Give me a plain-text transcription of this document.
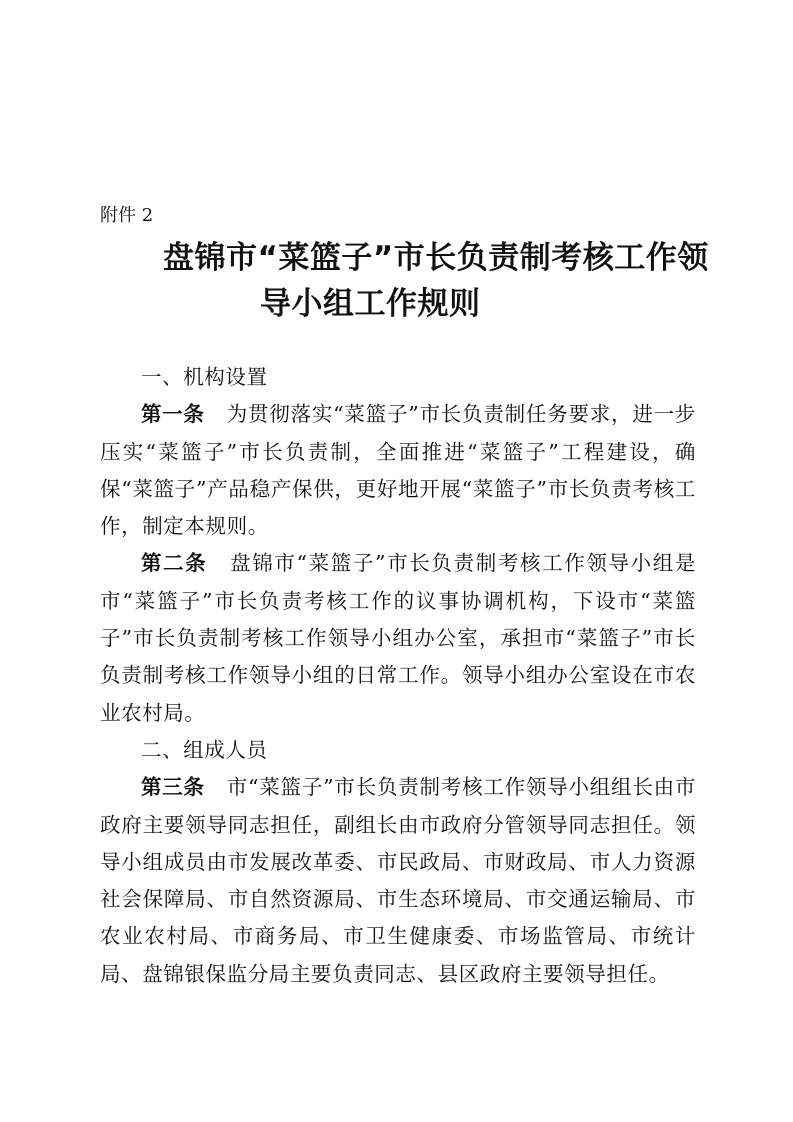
附件 2
盘锦市“菜篮子”市长负责制考核工作领
导小组工作规则

一、机构设置

第一条 为贯彻落实“菜篮子”市长负责制任务要求，进一步压实“菜篮子”市长负责制，全面推进“菜篮子”工程建设，确保“菜篮子”产品稳产保供，更好地开展“菜篮子”市长负责考核工作，制定本规则。

第二条 盘锦市“菜篮子”市长负责制考核工作领导小组是市“菜篮子”市长负责考核工作的议事协调机构，下设市“菜篮子”市长负责制考核工作领导小组办公室，承担市“菜篮子”市长负责制考核工作领导小组的日常工作。领导小组办公室设在市农业农村局。

二、组成人员

第三条 市“菜篮子”市长负责制考核工作领导小组组长由市政府主要领导同志担任，副组长由市政府分管领导同志担任。领导小组成员由市发展改革委、市民政局、市财政局、市人力资源社会保障局、市自然资源局、市生态环境局、市交通运输局、市农业农村局、市商务局、市卫生健康委、市场监管局、市统计局、盘锦银保监分局主要负责同志、县区政府主要领导担任。
